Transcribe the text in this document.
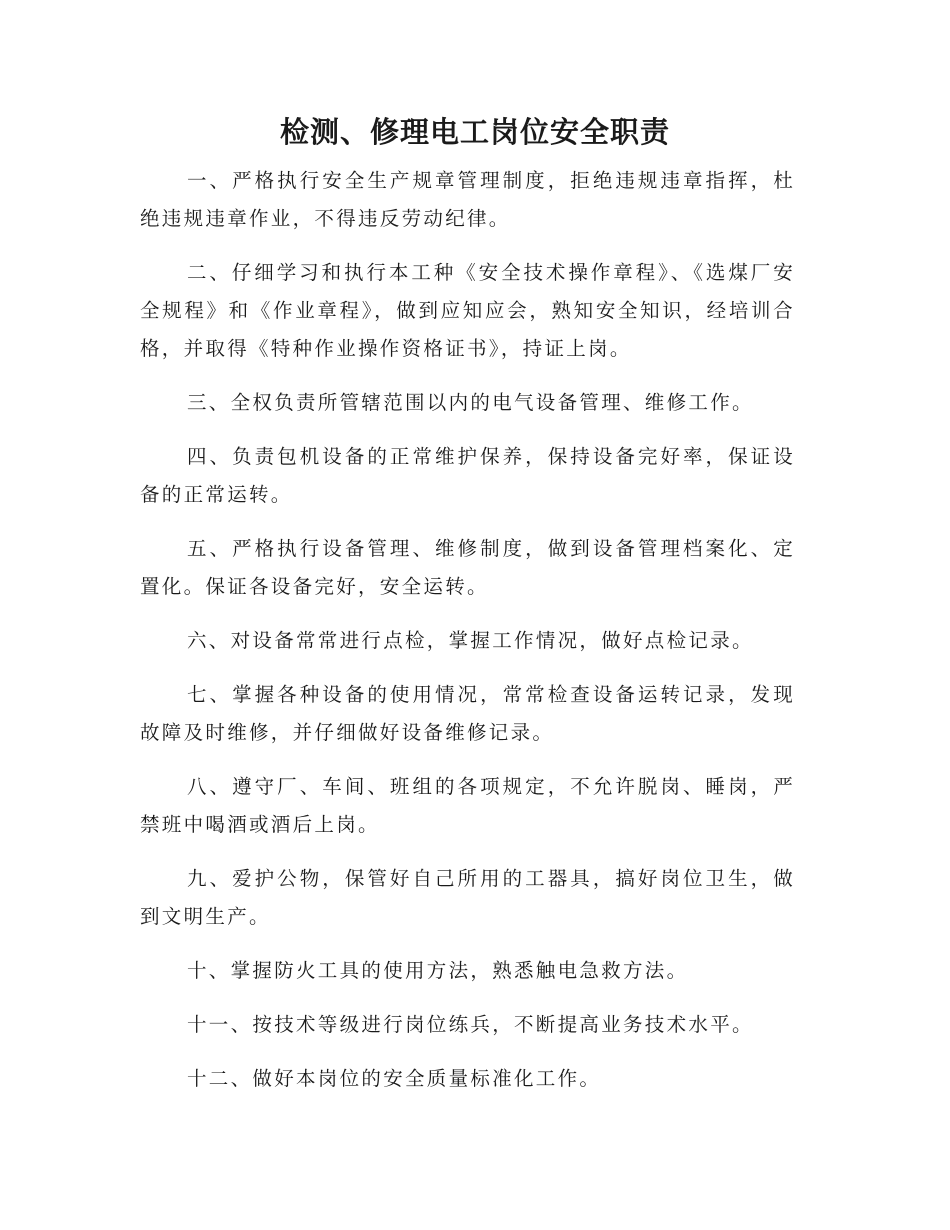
检测、修理电工岗位安全职责

一、严格执行安全生产规章管理制度，拒绝违规违章指挥，杜绝违规违章作业，不得违反劳动纪律。

二、仔细学习和执行本工种《安全技术操作章程》、《选煤厂安全规程》和《作业章程》，做到应知应会，熟知安全知识，经培训合格，并取得《特种作业操作资格证书》，持证上岗。

三、全权负责所管辖范围以内的电气设备管理、维修工作。

四、负责包机设备的正常维护保养，保持设备完好率，保证设备的正常运转。

五、严格执行设备管理、维修制度，做到设备管理档案化、定置化。保证各设备完好，安全运转。

六、对设备常常进行点检，掌握工作情况，做好点检记录。

七、掌握各种设备的使用情况，常常检查设备运转记录，发现故障及时维修，并仔细做好设备维修记录。

八、遵守厂、车间、班组的各项规定，不允许脱岗、睡岗，严禁班中喝酒或酒后上岗。

九、爱护公物，保管好自己所用的工器具，搞好岗位卫生，做到文明生产。

十、掌握防火工具的使用方法，熟悉触电急救方法。

十一、按技术等级进行岗位练兵，不断提高业务技术水平。

十二、做好本岗位的安全质量标准化工作。
